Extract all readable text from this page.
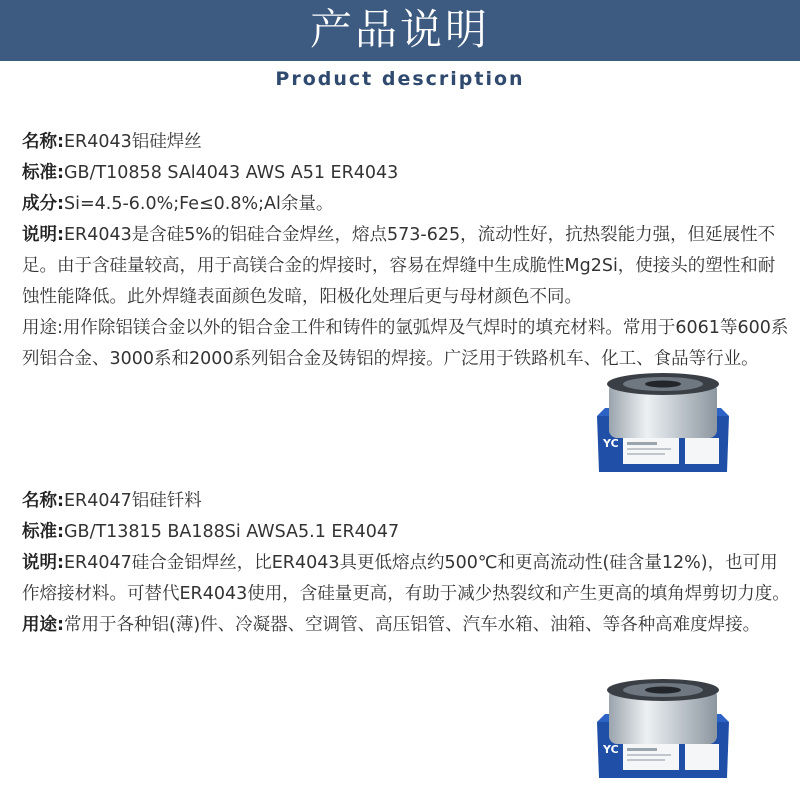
产品说明
Product description
名称:ER4043铝硅焊丝
标准:GB/T10858 SAl4043 AWS A51 ER4043
成分:Si=4.5-6.0%;Fe≤0.8%;Al余量。
说明:ER4043是含硅5%的铝硅合金焊丝，熔点573-625，流动性好，抗热裂能力强，但延展性不足。由于含硅量较高，用于高镁合金的焊接时，容易在焊缝中生成脆性Mg2Si，使接头的塑性和耐蚀性能降低。此外焊缝表面颜色发暗，阳极化处理后更与母材颜色不同。
用途:用作除铝镁合金以外的铝合金工件和铸件的氩弧焊及气焊时的填充材料。常用于6061等600系列铝合金、3000系和2000系列铝合金及铸铝的焊接。广泛用于铁路机车、化工、食品等行业。
名称:ER4047铝硅钎料
标准:GB/T13815 BA188Si AWSA5.1 ER4047
说明:ER4047硅合金铝焊丝，比ER4043具更低熔点约500℃和更高流动性(硅含量12%)，也可用作熔接材料。可替代ER4043使用，含硅量更高，有助于减少热裂纹和产生更高的填角焊剪切力度。
用途:常用于各种铝(薄)件、冷凝器、空调管、高压铝管、汽车水箱、油箱、等各种高难度焊接。
YC
YC
